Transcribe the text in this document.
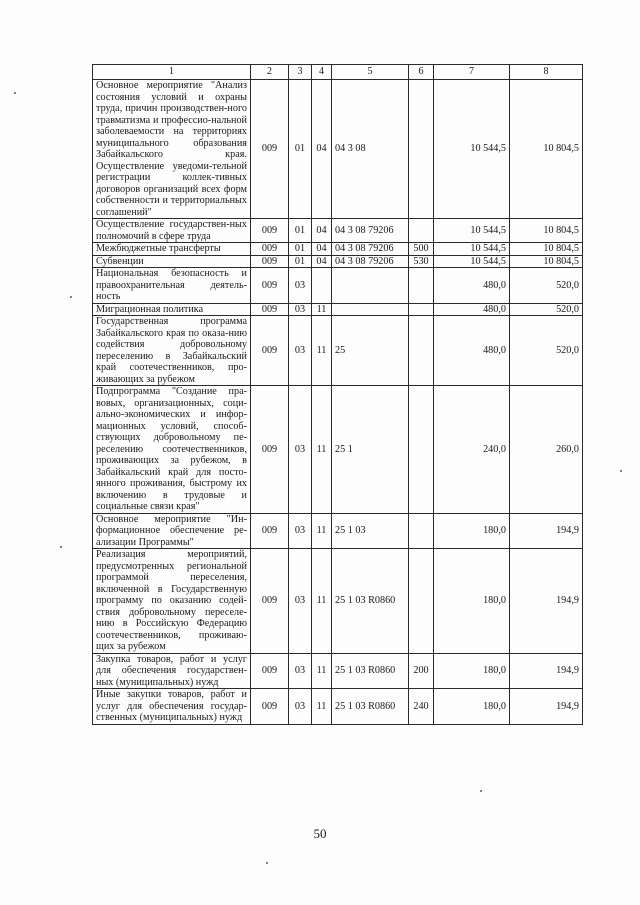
1	2	3	4	5	6	7	8
Основное мероприятие "Анализ состояния условий и охраны труда, причин производствен-ного травматизма и профессио-нальной заболеваемости на территориях муниципального образования Забайкальского края. Осуществление уведоми-тельной регистрации коллек-тивных договоров организаций всех форм собственности и территориальных соглашений"	009	01	04	04 3 08		10 544,5	10 804,5
Осуществление государствен-ных полномочий в сфере труда	009	01	04	04 3 08 79206		10 544,5	10 804,5
Межбюджетные трансферты	009	01	04	04 3 08 79206	500	10 544,5	10 804,5
Субвенции	009	01	04	04 3 08 79206	530	10 544,5	10 804,5
Национальная безопасность и правоохранительная деятель-ность	009	03				480,0	520,0
Миграционная политика	009	03	11			480,0	520,0
Государственная программа Забайкальского края по оказа-нию содействия добровольному переселению в Забайкальский край соотечественников, про-живающих за рубежом	009	03	11	25		480,0	520,0
Подпрограмма "Создание пра-вовых, организационных, соци-ально-экономических и инфор-мационных условий, способ-ствующих добровольному пе-реселению соотечественников, проживающих за рубежом, в Забайкальский край для посто-янного проживания, быстрому их включению в трудовые и социальные связи края"	009	03	11	25 1		240,0	260,0
Основное мероприятие "Ин-формационное обеспечение ре-ализации Программы"	009	03	11	25 1 03		180,0	194,9
Реализация мероприятий, предусмотренных региональной программой переселения, включенной в Государственную программу по оказанию содей-ствия добровольному переселе-нию в Российскую Федерацию соотечественников, проживаю-щих за рубежом	009	03	11	25 1 03 R0860		180,0	194,9
Закупка товаров, работ и услуг для обеспечения государствен-ных (муниципальных) нужд	009	03	11	25 1 03 R0860	200	180,0	194,9
Иные закупки товаров, работ и услуг для обеспечения государ-ственных (муниципальных) нужд	009	03	11	25 1 03 R0860	240	180,0	194,9
50
